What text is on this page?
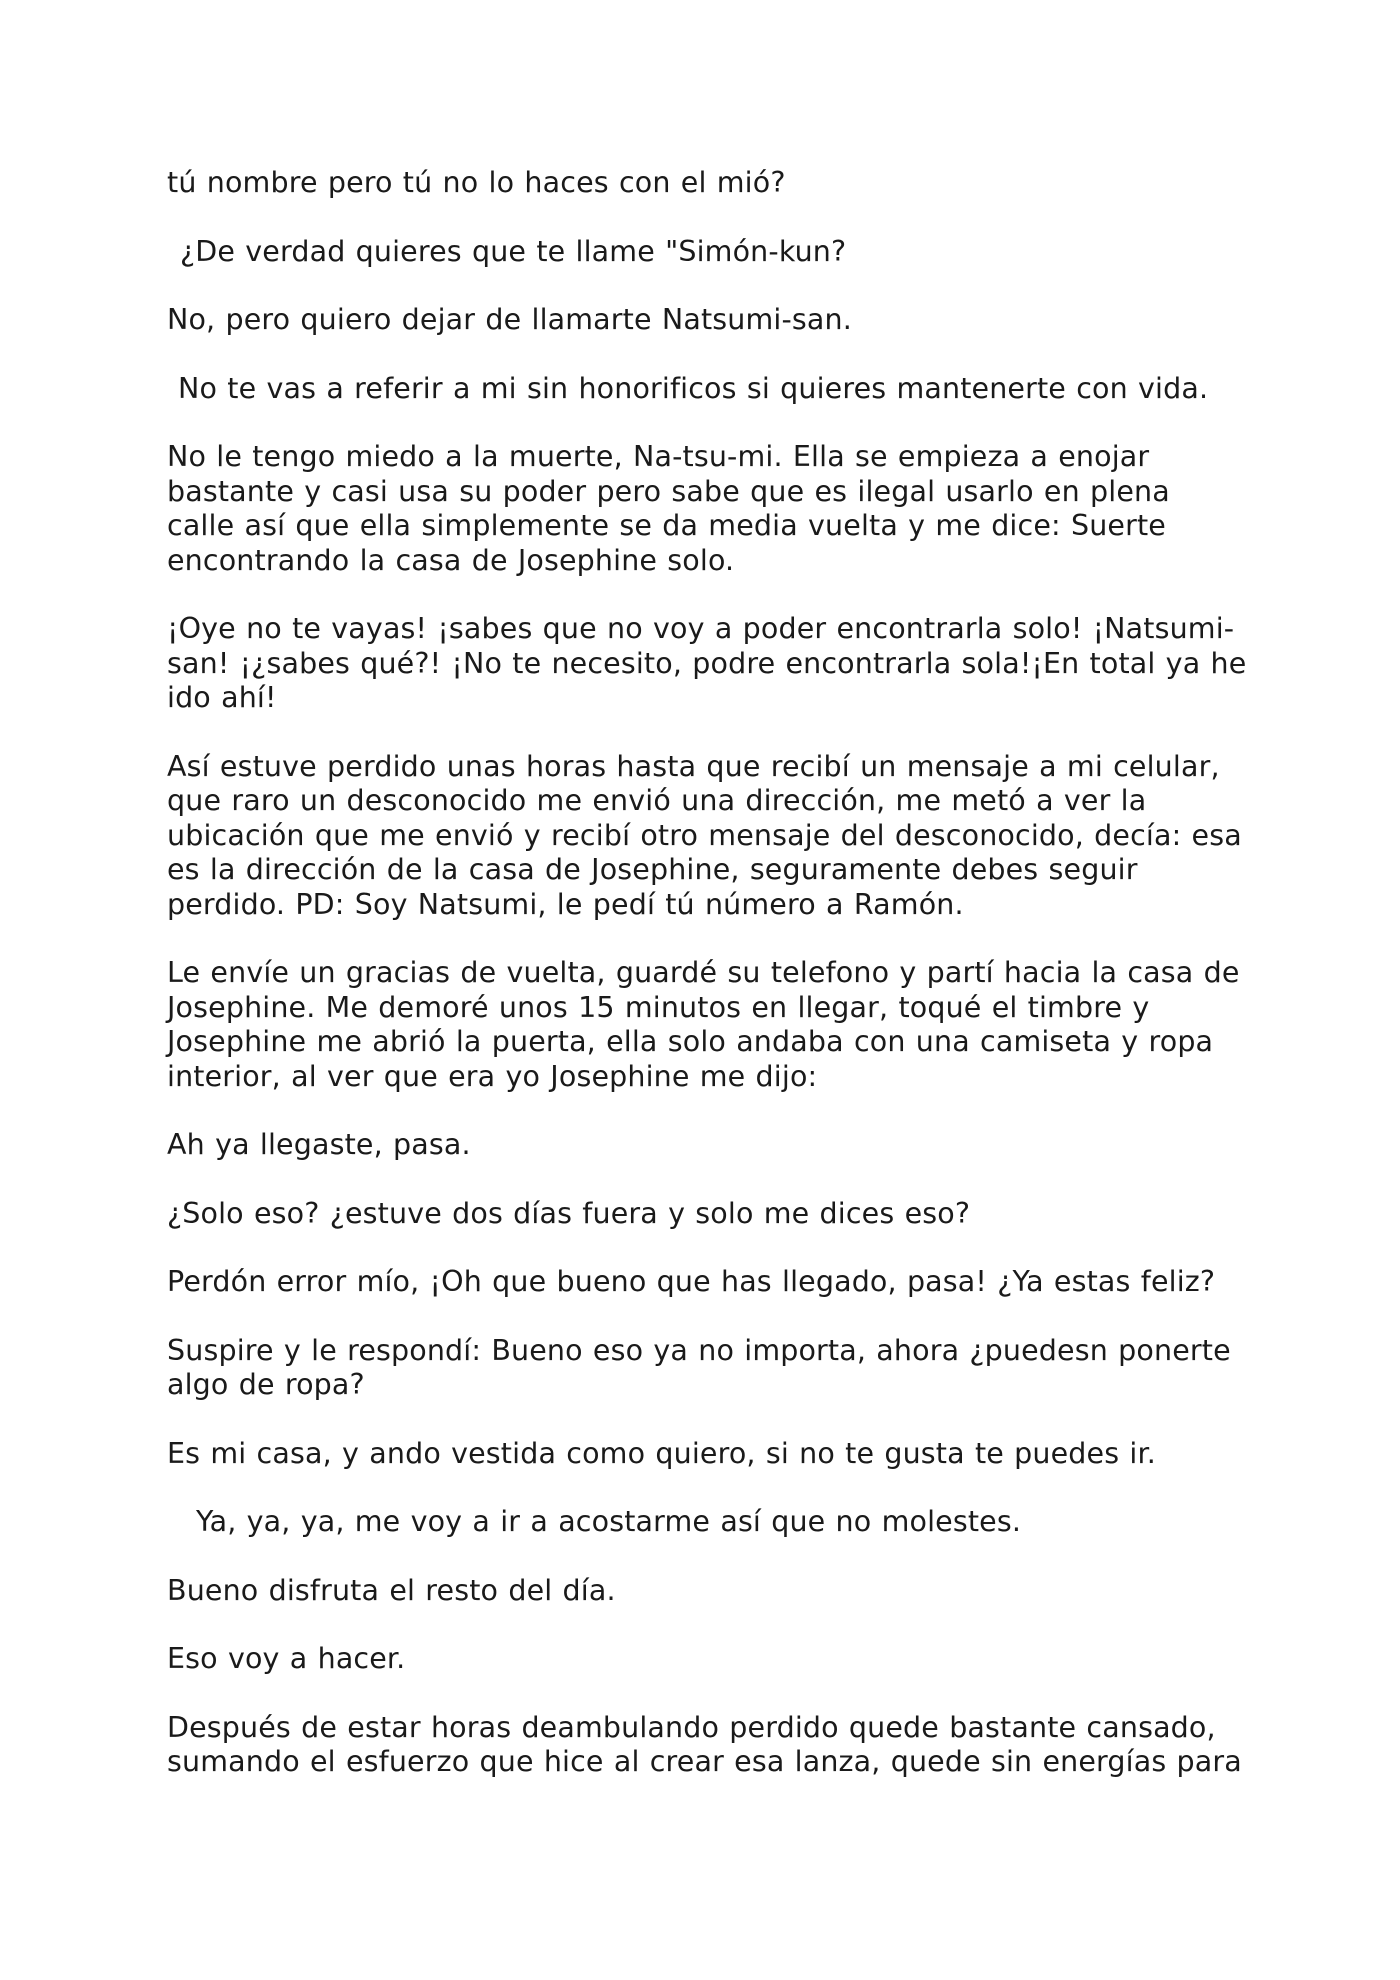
tú nombre pero tú no lo haces con el mió?

¿De verdad quieres que te llame "Simón-kun?

No, pero quiero dejar de llamarte Natsumi-san.

No te vas a referir a mi sin honorificos si quieres mantenerte con vida.

No le tengo miedo a la muerte, Na-tsu-mi. Ella se empieza a enojar bastante y casi usa su poder pero sabe que es ilegal usarlo en plena calle así que ella simplemente se da media vuelta y me dice: Suerte encontrando la casa de Josephine solo.

¡Oye no te vayas! ¡sabes que no voy a poder encontrarla solo! ¡Natsumi-san! ¡¿sabes qué?! ¡No te necesito, podre encontrarla sola!¡En total ya he ido ahí!

Así estuve perdido unas horas hasta que recibí un mensaje a mi celular, que raro un desconocido me envió una dirección, me metó a ver la ubicación que me envió y recibí otro mensaje del desconocido, decía: esa es la dirección de la casa de Josephine, seguramente debes seguir perdido. PD: Soy Natsumi, le pedí tú número a Ramón.

Le envíe un gracias de vuelta, guardé su telefono y partí hacia la casa de Josephine. Me demoré unos 15 minutos en llegar, toqué el timbre y Josephine me abrió la puerta, ella solo andaba con una camiseta y ropa interior, al ver que era yo Josephine me dijo:

Ah ya llegaste, pasa.

¿Solo eso? ¿estuve dos días fuera y solo me dices eso?

Perdón error mío, ¡Oh que bueno que has llegado, pasa! ¿Ya estas feliz?

Suspire y le respondí: Bueno eso ya no importa, ahora ¿puedesn ponerte algo de ropa?

Es mi casa, y ando vestida como quiero, si no te gusta te puedes ir.

Ya, ya, ya, me voy a ir a acostarme así que no molestes.

Bueno disfruta el resto del día.

Eso voy a hacer.

Después de estar horas deambulando perdido quede bastante cansado, sumando el esfuerzo que hice al crear esa lanza, quede sin energías para
